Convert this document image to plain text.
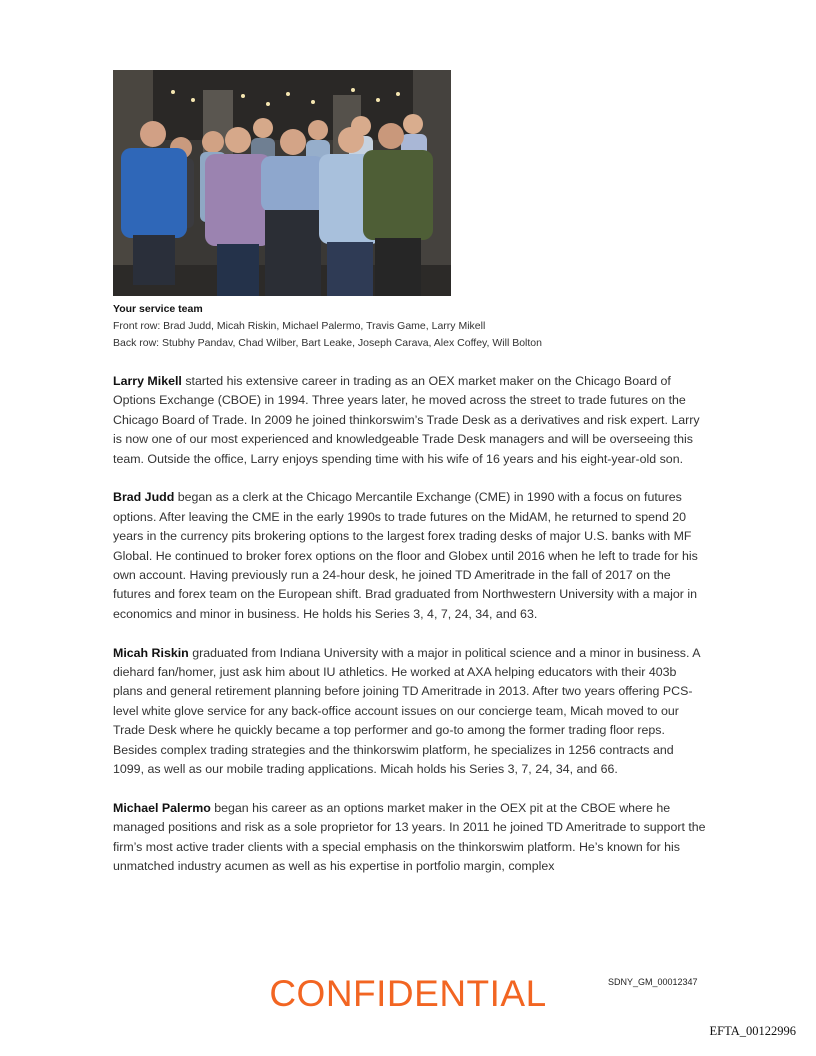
Your service team
Front row: Brad Judd, Micah Riskin, Michael Palermo, Travis Game, Larry Mikell
Back row: Stubhy Pandav, Chad Wilber, Bart Leake, Joseph Carava, Alex Coffey, Will Bolton

Larry Mikell started his extensive career in trading as an OEX market maker on the Chicago Board of Options Exchange (CBOE) in 1994. Three years later, he moved across the street to trade futures on the Chicago Board of Trade. In 2009 he joined thinkorswim’s Trade Desk as a derivatives and risk expert. Larry is now one of our most experienced and knowledgeable Trade Desk managers and will be overseeing this team. Outside the office, Larry enjoys spending time with his wife of 16 years and his eight-year-old son.

Brad Judd began as a clerk at the Chicago Mercantile Exchange (CME) in 1990 with a focus on futures options. After leaving the CME in the early 1990s to trade futures on the MidAM, he returned to spend 20 years in the currency pits brokering options to the largest forex trading desks of major U.S. banks with MF Global. He continued to broker forex options on the floor and Globex until 2016 when he left to trade for his own account. Having previously run a 24-hour desk, he joined TD Ameritrade in the fall of 2017 on the futures and forex team on the European shift. Brad graduated from Northwestern University with a major in economics and minor in business. He holds his Series 3, 4, 7, 24, 34, and 63.

Micah Riskin graduated from Indiana University with a major in political science and a minor in business. A diehard fan/homer, just ask him about IU athletics. He worked at AXA helping educators with their 403b plans and general retirement planning before joining TD Ameritrade in 2013. After two years offering PCS-level white glove service for any back-office account issues on our concierge team, Micah moved to our Trade Desk where he quickly became a top performer and go-to among the former trading floor reps.

Besides complex trading strategies and the thinkorswim platform, he specializes in 1256 contracts and 1099, as well as our mobile trading applications. Micah holds his Series 3, 7, 24, 34, and 66.

Michael Palermo began his career as an options market maker in the OEX pit at the CBOE where he managed positions and risk as a sole proprietor for 13 years. In 2011 he joined TD Ameritrade to support the firm’s most active trader clients with a special emphasis on the thinkorswim platform. He’s known for his unmatched industry acumen as well as his expertise in portfolio margin, complex

CONFIDENTIAL	SDNY_GM_00012347
EFTA_00122996
